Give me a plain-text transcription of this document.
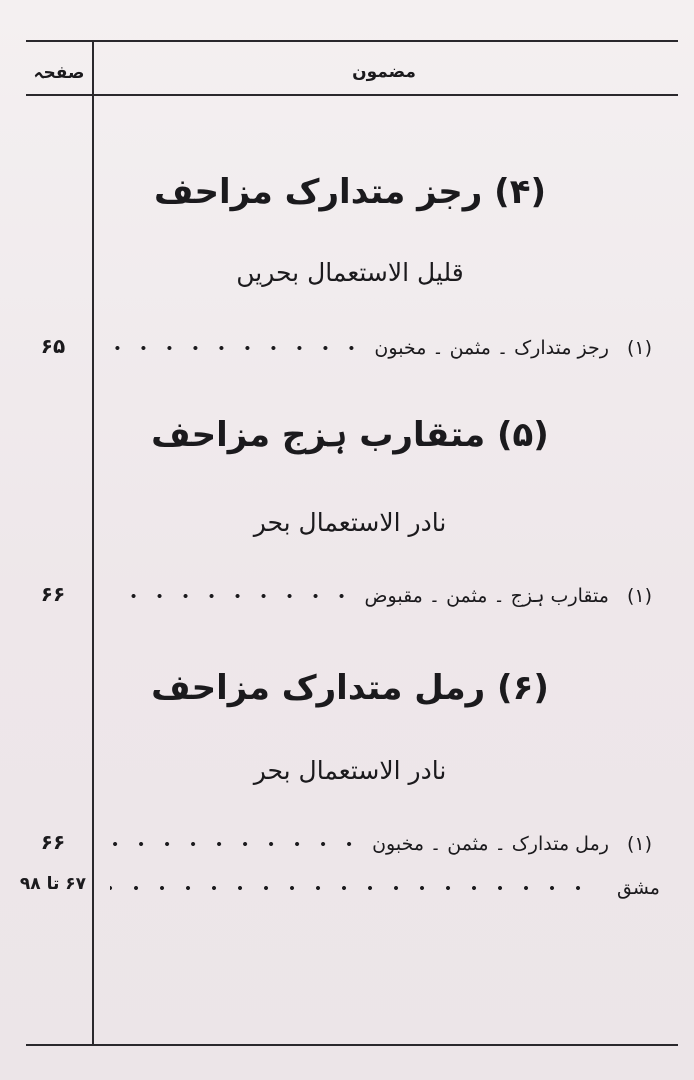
صفحہ	مضمون
(۴) رجز متدارک مزاحف
قلیل الاستعمال بحریں
(۱)
رجز متدارک ۔ مثمن ۔ مخبون
۶۵
(۵) متقارب ہزج مزاحف
نادر الاستعمال بحر
(۱)
متقارب ہزج ۔ مثمن ۔ مقبوض
۶۶
(۶) رمل متدارک مزاحف
نادر الاستعمال بحر
(۱)
رمل متدارک ۔ مثمن ۔ مخبون
۶۶
مشق
۶۷ تا ۹۸
